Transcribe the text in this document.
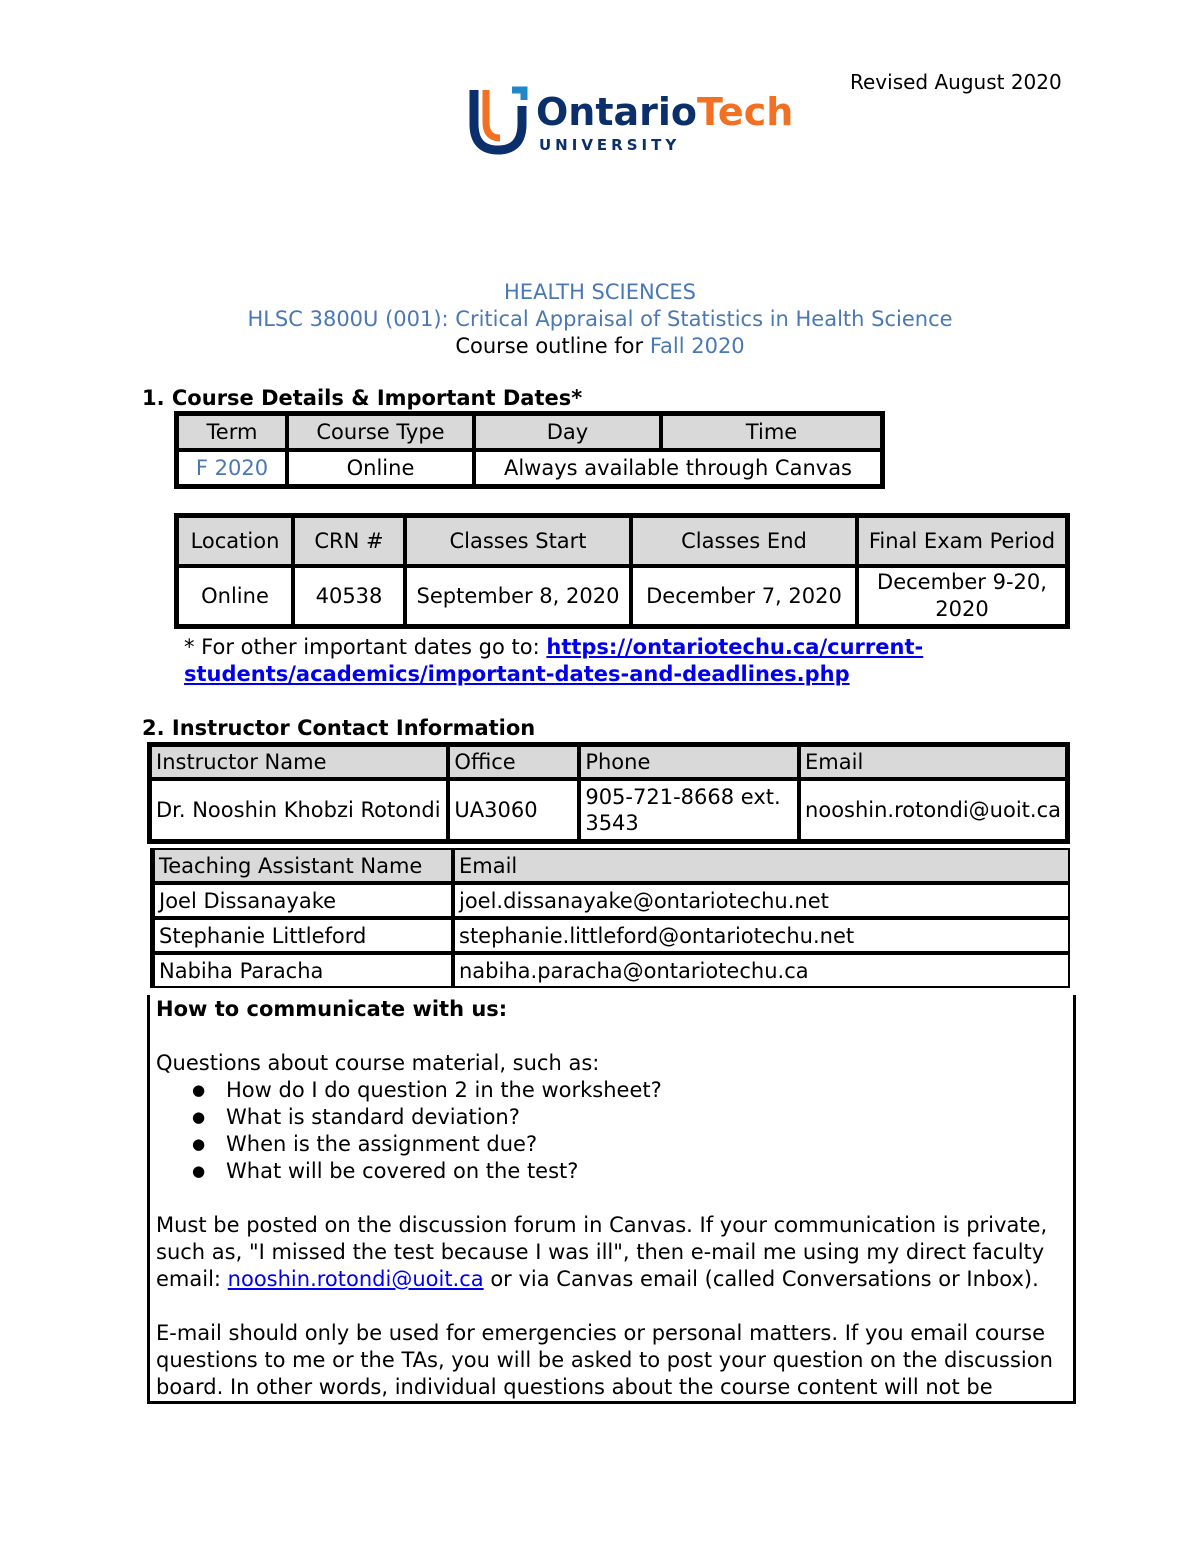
Revised August 2020
OntarioTech
UNIVERSITY
HEALTH SCIENCES
HLSC 3800U (001): Critical Appraisal of Statistics in Health Science
Course outline for Fall 2020
1. Course Details & Important Dates*
Term	Course Type	Day	Time
F 2020	Online	Always available through Canvas	
Location	CRN #	Classes Start	Classes End	Final Exam Period
Online	40538	September 8, 2020	December 7, 2020	December 9-20, 2020
* For other important dates go to: https://ontariotechu.ca/current-
students/academics/important-dates-and-deadlines.php
2. Instructor Contact Information
Instructor Name	Office	Phone	Email
Dr. Nooshin Khobzi Rotondi	UA3060	905-721-8668 ext. 3543	nooshin.rotondi@uoit.ca
Teaching Assistant Name	Email
Joel Dissanayake	joel.dissanayake@ontariotechu.net
Stephanie Littleford	stephanie.littleford@ontariotechu.net
Nabiha Paracha	nabiha.paracha@ontariotechu.ca
How to communicate with us:
Questions about course material, such as:
● How do I do question 2 in the worksheet?
● What is standard deviation?
● When is the assignment due?
● What will be covered on the test?
Must be posted on the discussion forum in Canvas. If your communication is private, such as, "I missed the test because I was ill", then e-mail me using my direct faculty email: nooshin.rotondi@uoit.ca or via Canvas email (called Conversations or Inbox).
E-mail should only be used for emergencies or personal matters. If you email course questions to me or the TAs, you will be asked to post your question on the discussion board. In other words, individual questions about the course content will not be
